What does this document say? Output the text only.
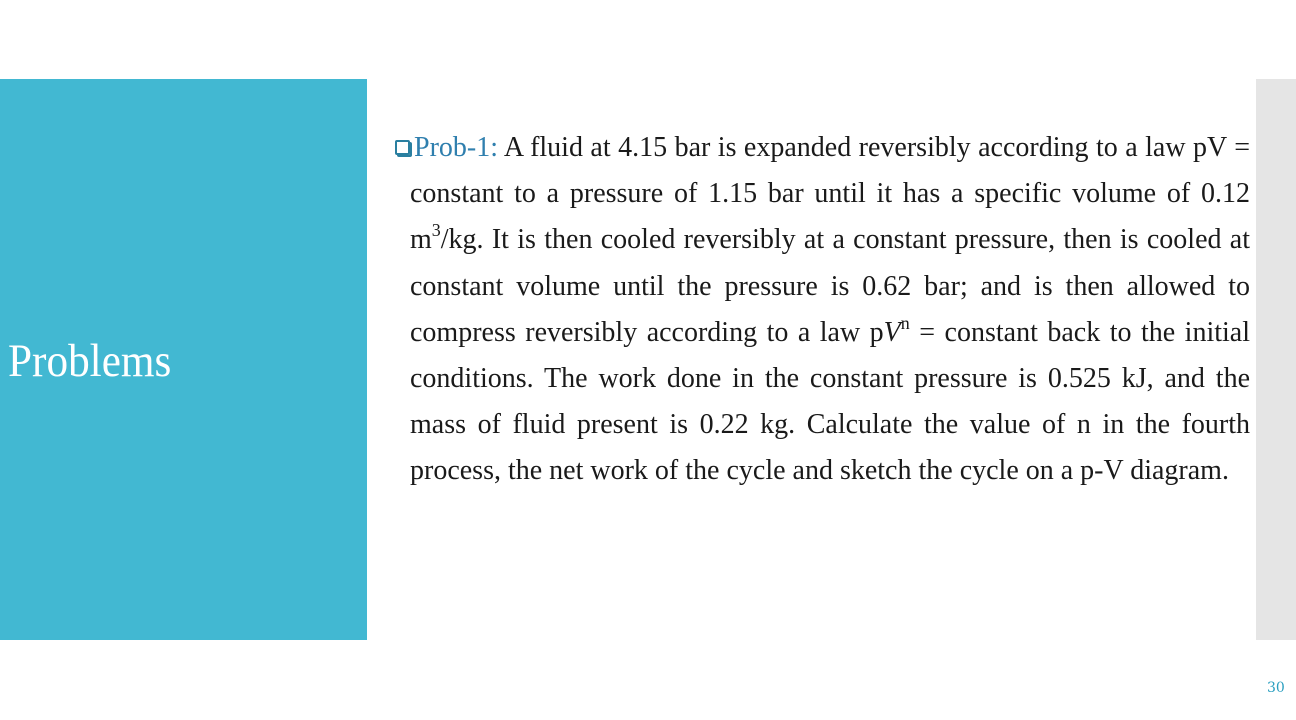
Problems
Prob-1: A fluid at 4.15 bar is expanded reversibly according to a law pV = constant to a pressure of 1.15 bar until it has a specific volume of 0.12 $m^3/kg$. It is then cooled reversibly at a constant pressure, then is cooled at constant volume until the pressure is 0.62 bar; and is then allowed to compress reversibly according to a law $pV^n$ = constant back to the initial conditions. The work done in the constant pressure is 0.525 kJ, and the mass of fluid present is 0.22 kg. Calculate the value of n in the fourth process, the net work of the cycle and sketch the cycle on a p-V diagram.
30
